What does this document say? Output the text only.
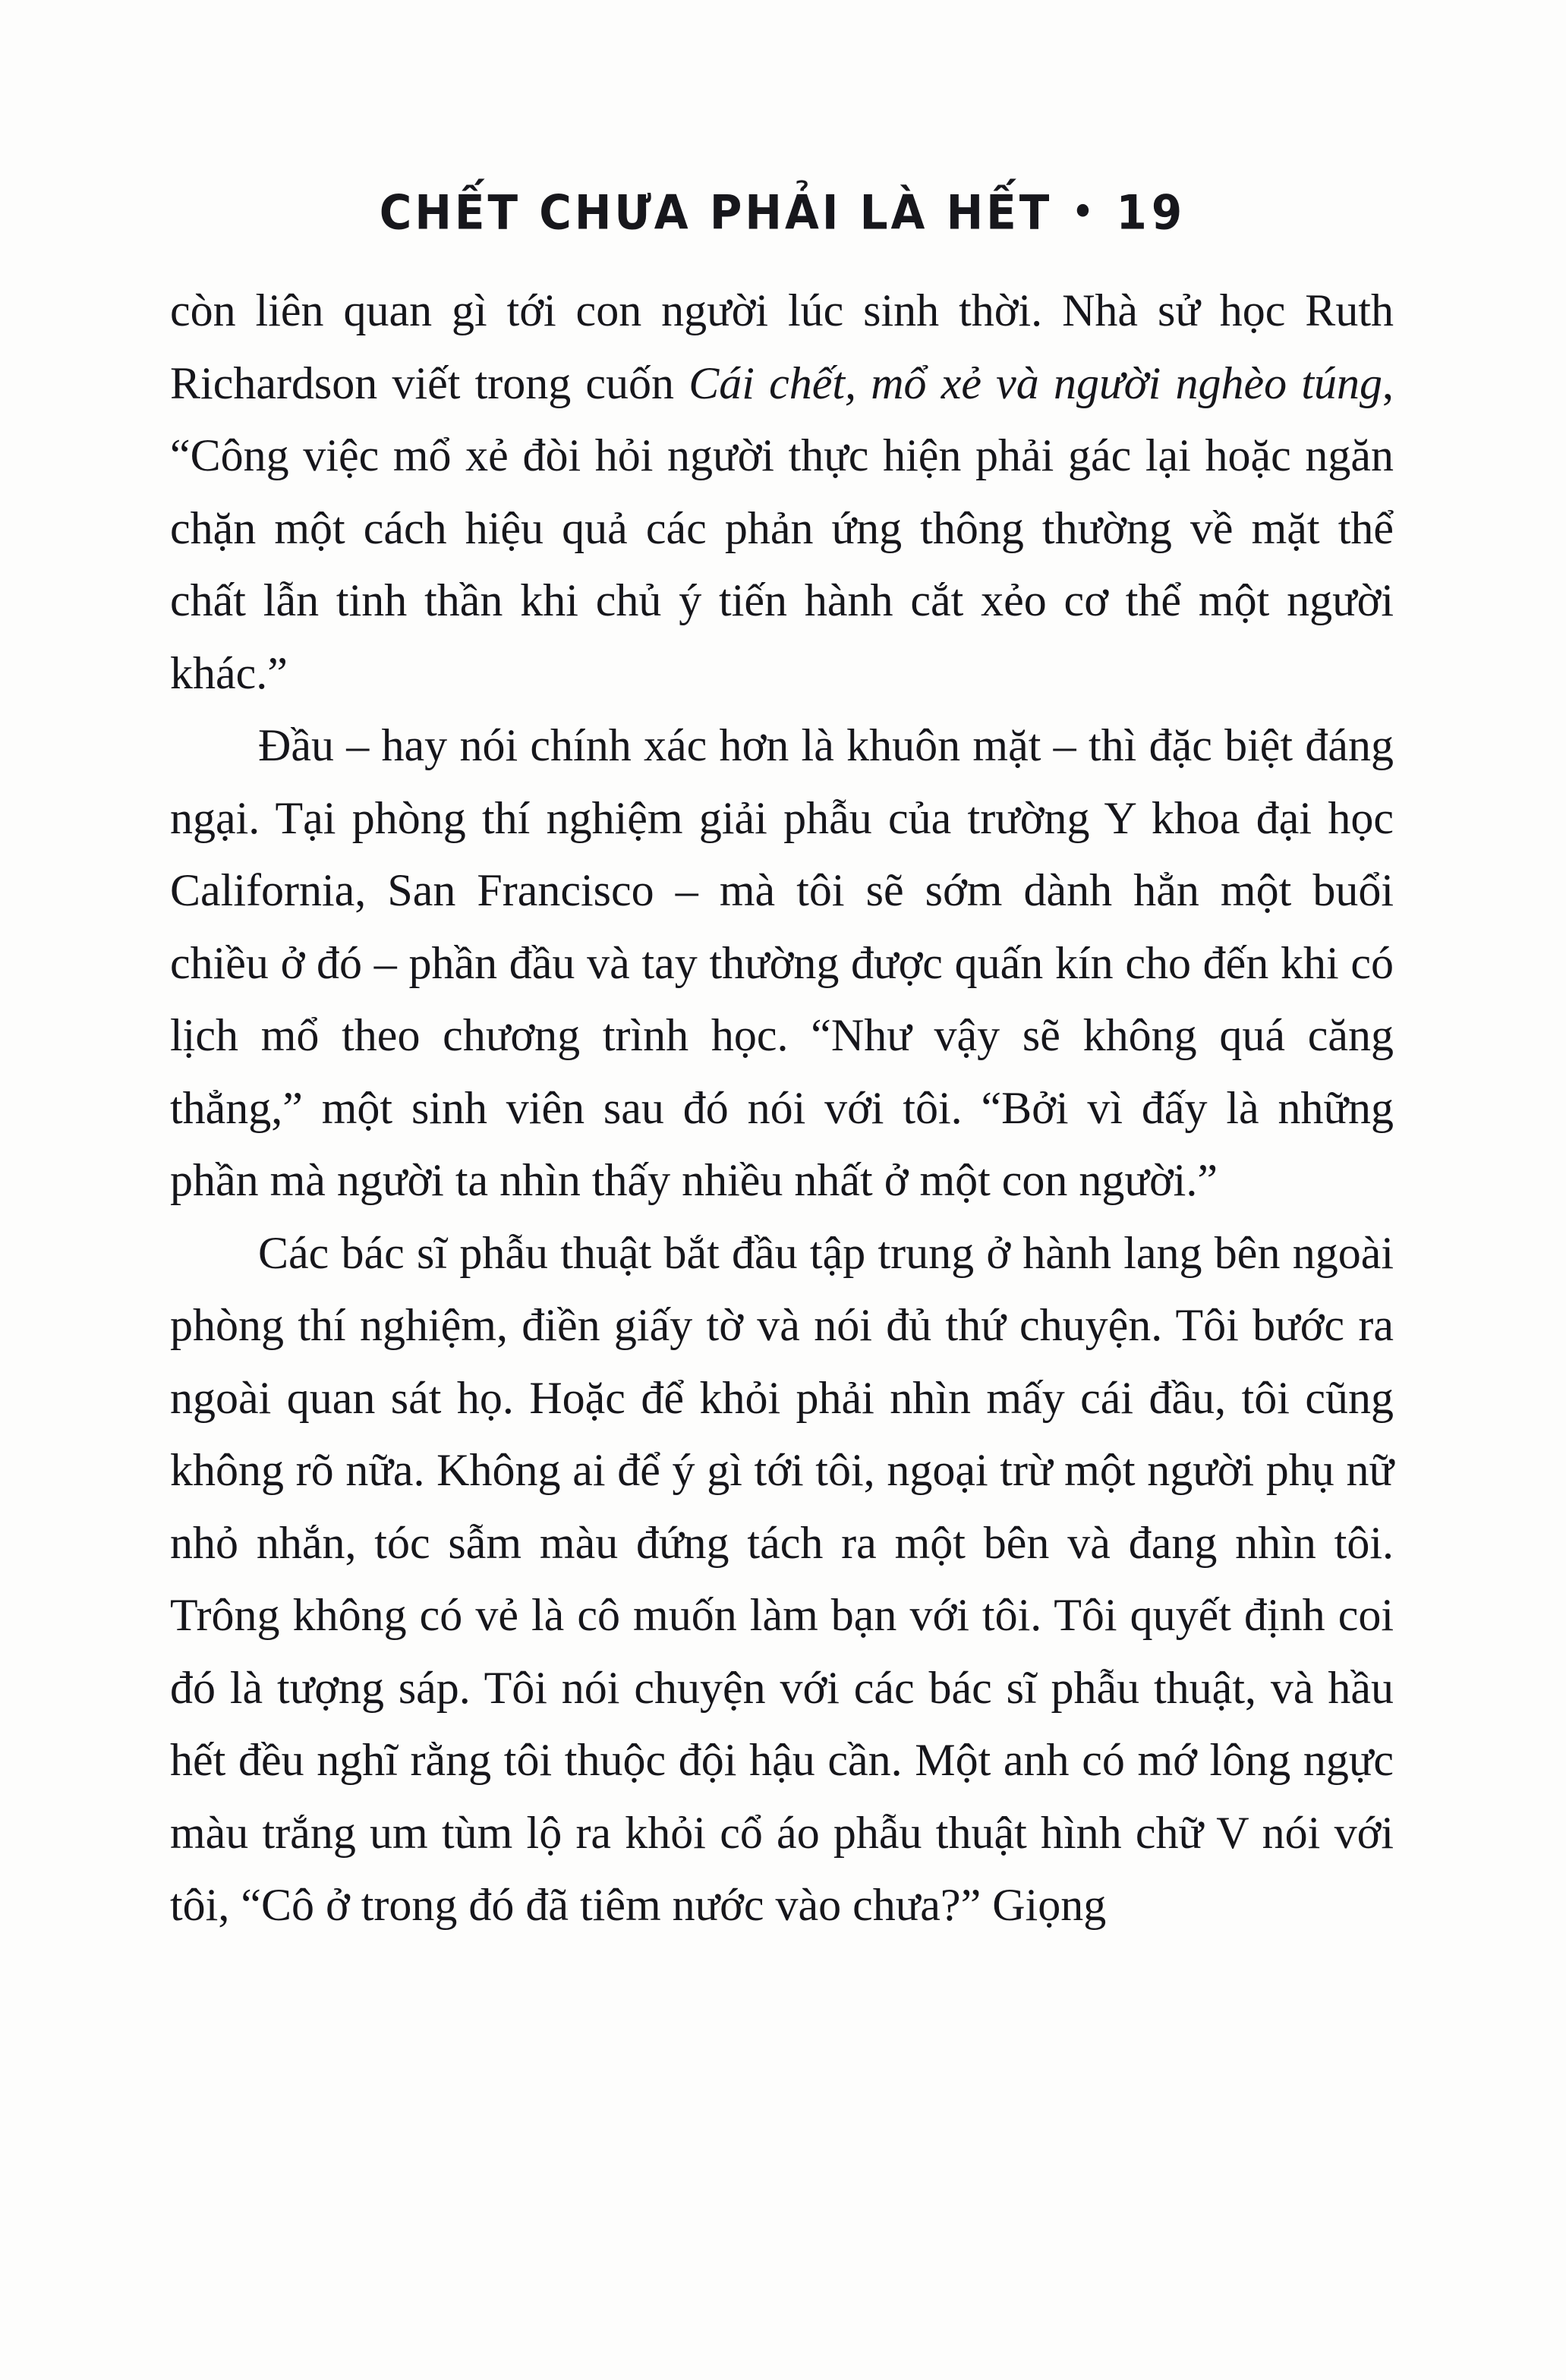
CHẾT CHƯA PHẢI LÀ HẾT • 19

còn liên quan gì tới con người lúc sinh thời. Nhà sử học Ruth Richardson viết trong cuốn Cái chết, mổ xẻ và người nghèo túng, “Công việc mổ xẻ đòi hỏi người thực hiện phải gác lại hoặc ngăn chặn một cách hiệu quả các phản ứng thông thường về mặt thể chất lẫn tinh thần khi chủ ý tiến hành cắt xẻo cơ thể một người khác.”

Đầu – hay nói chính xác hơn là khuôn mặt – thì đặc biệt đáng ngại. Tại phòng thí nghiệm giải phẫu của trường Y khoa đại học California, San Francisco – mà tôi sẽ sớm dành hẳn một buổi chiều ở đó – phần đầu và tay thường được quấn kín cho đến khi có lịch mổ theo chương trình học. “Như vậy sẽ không quá căng thẳng,” một sinh viên sau đó nói với tôi. “Bởi vì đấy là những phần mà người ta nhìn thấy nhiều nhất ở một con người.”

Các bác sĩ phẫu thuật bắt đầu tập trung ở hành lang bên ngoài phòng thí nghiệm, điền giấy tờ và nói đủ thứ chuyện. Tôi bước ra ngoài quan sát họ. Hoặc để khỏi phải nhìn mấy cái đầu, tôi cũng không rõ nữa. Không ai để ý gì tới tôi, ngoại trừ một người phụ nữ nhỏ nhắn, tóc sẫm màu đứng tách ra một bên và đang nhìn tôi. Trông không có vẻ là cô muốn làm bạn với tôi. Tôi quyết định coi đó là tượng sáp. Tôi nói chuyện với các bác sĩ phẫu thuật, và hầu hết đều nghĩ rằng tôi thuộc đội hậu cần. Một anh có mớ lông ngực màu trắng um tùm lộ ra khỏi cổ áo phẫu thuật hình chữ V nói với tôi, “Cô ở trong đó đã tiêm nước vào chưa?” Giọng
